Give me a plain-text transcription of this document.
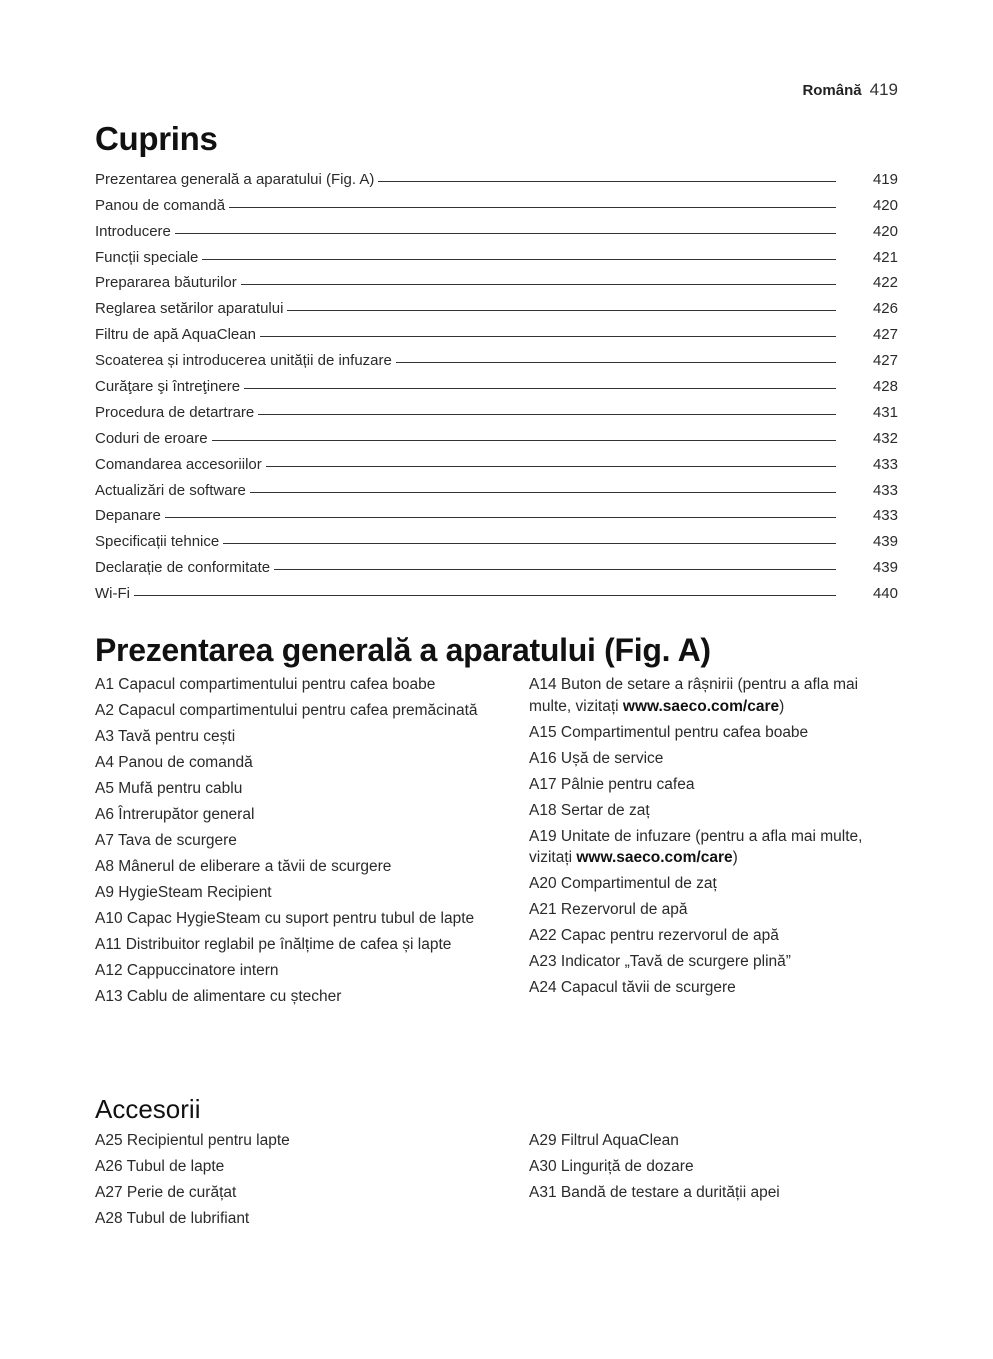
Română 419
Cuprins
Prezentarea generală a aparatului (Fig. A)	419
Panou de comandă	420
Introducere	420
Funcții speciale	421
Prepararea băuturilor	422
Reglarea setărilor aparatului	426
Filtru de apă AquaClean	427
Scoaterea și introducerea unității de infuzare	427
Curăţare şi întreţinere	428
Procedura de detartrare	431
Coduri de eroare	432
Comandarea accesoriilor	433
Actualizări de software	433
Depanare	433
Specificații tehnice	439
Declarație de conformitate	439
Wi-Fi	440
Prezentarea generală a aparatului (Fig. A)
A1 Capacul compartimentului pentru cafea boabe
A2 Capacul compartimentului pentru cafea premăcinată
A3 Tavă pentru cești
A4 Panou de comandă
A5 Mufă pentru cablu
A6 Întrerupător general
A7 Tava de scurgere
A8 Mânerul de eliberare a tăvii de scurgere
A9 HygieSteam Recipient
A10 Capac HygieSteam cu suport pentru tubul de lapte
A11 Distribuitor reglabil pe înălțime de cafea și lapte
A12 Cappuccinatore intern
A13 Cablu de alimentare cu ștecher
A14 Buton de setare a râșnirii (pentru a afla mai multe, vizitați www.saeco.com/care)
A15 Compartimentul pentru cafea boabe
A16 Ușă de service
A17 Pâlnie pentru cafea
A18 Sertar de zaț
A19 Unitate de infuzare (pentru a afla mai multe, vizitați www.saeco.com/care)
A20 Compartimentul de zaț
A21 Rezervorul de apă
A22 Capac pentru rezervorul de apă
A23 Indicator „Tavă de scurgere plină”
A24 Capacul tăvii de scurgere
Accesorii
A25 Recipientul pentru lapte
A26 Tubul de lapte
A27 Perie de curățat
A28 Tubul de lubrifiant
A29 Filtrul AquaClean
A30 Linguriță de dozare
A31 Bandă de testare a durității apei
